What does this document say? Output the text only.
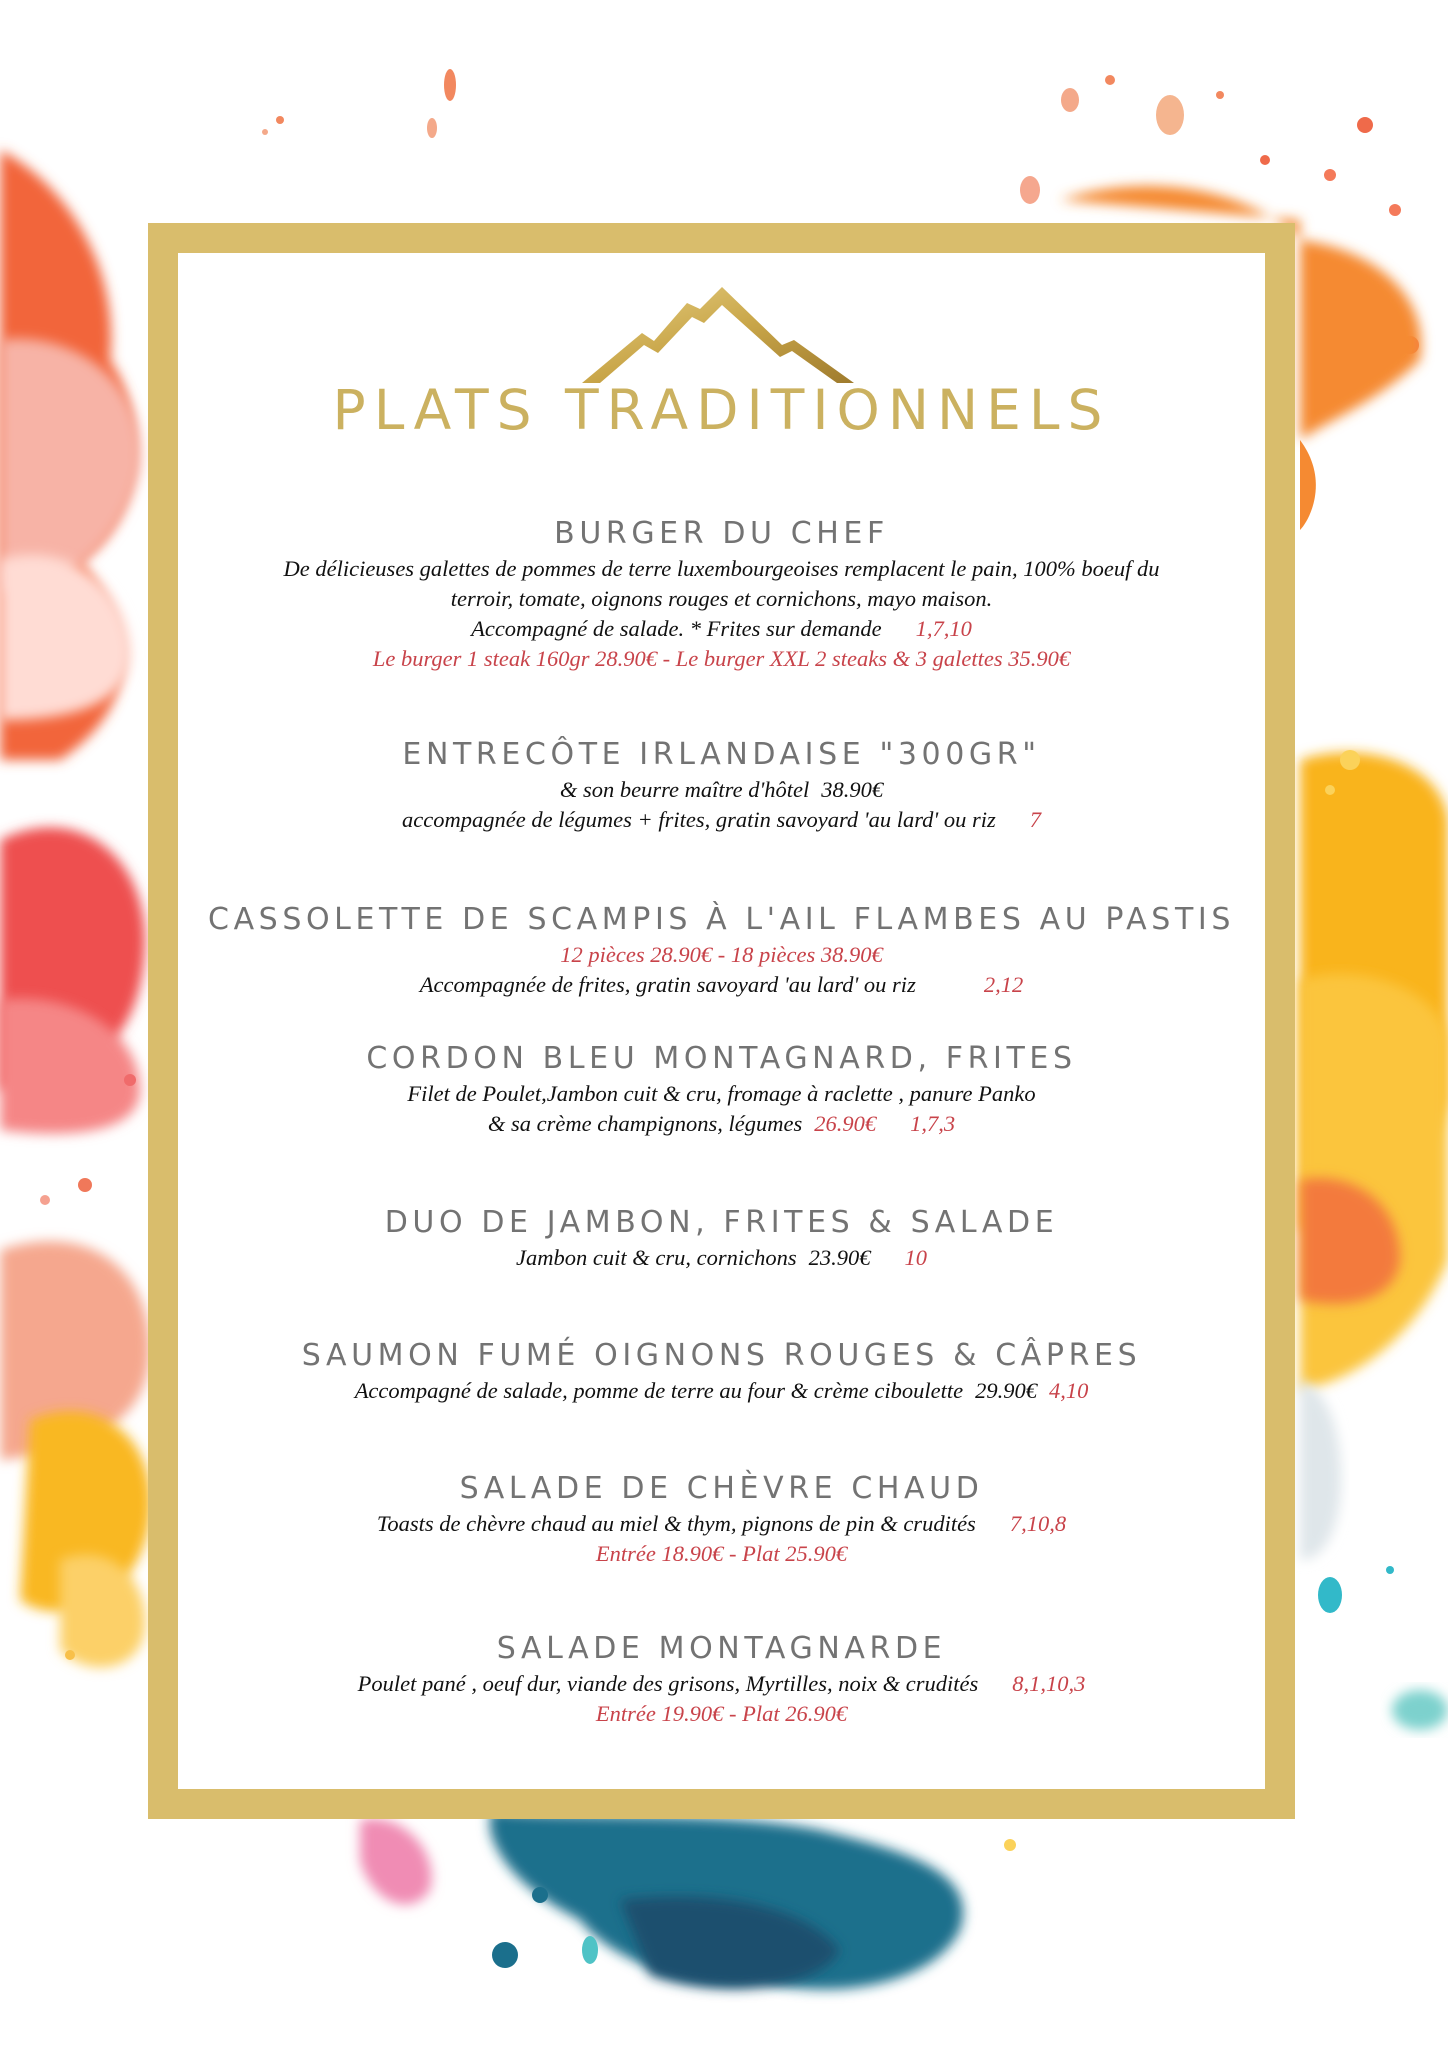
PLATS TRADITIONNELS
BURGER DU CHEF
De délicieuses galettes de pommes de terre luxembourgeoises remplacent le pain, 100% boeuf du
terroir, tomate, oignons rouges et cornichons, mayo maison.
Accompagné de salade. * Frites sur demande 1,7,10
Le burger 1 steak 160gr 28.90€ - Le burger XXL 2 steaks & 3 galettes 35.90€
ENTRECÔTE IRLANDAISE "300GR"
& son beurre maître d'hôtel 38.90€
accompagnée de légumes + frites, gratin savoyard 'au lard' ou riz 7
CASSOLETTE DE SCAMPIS À L'AIL FLAMBES AU PASTIS
12 pièces 28.90€ - 18 pièces 38.90€
Accompagnée de frites, gratin savoyard 'au lard' ou riz	2,12
CORDON BLEU MONTAGNARD, FRITES
Filet de Poulet,Jambon cuit & cru, fromage à raclette , panure Panko
& sa crème champignons, légumes 26.90€ 1,7,3
DUO DE JAMBON, FRITES & SALADE
Jambon cuit & cru, cornichons 23.90€ 10
SAUMON FUMÉ OIGNONS ROUGES & CÂPRES
Accompagné de salade, pomme de terre au four & crème ciboulette 29.90€ 4,10
SALADE DE CHÈVRE CHAUD
Toasts de chèvre chaud au miel & thym, pignons de pin & crudités 7,10,8
Entrée 18.90€ - Plat 25.90€
SALADE MONTAGNARDE
Poulet pané , oeuf dur, viande des grisons, Myrtilles, noix & crudités 8,1,10,3
Entrée 19.90€ - Plat 26.90€
